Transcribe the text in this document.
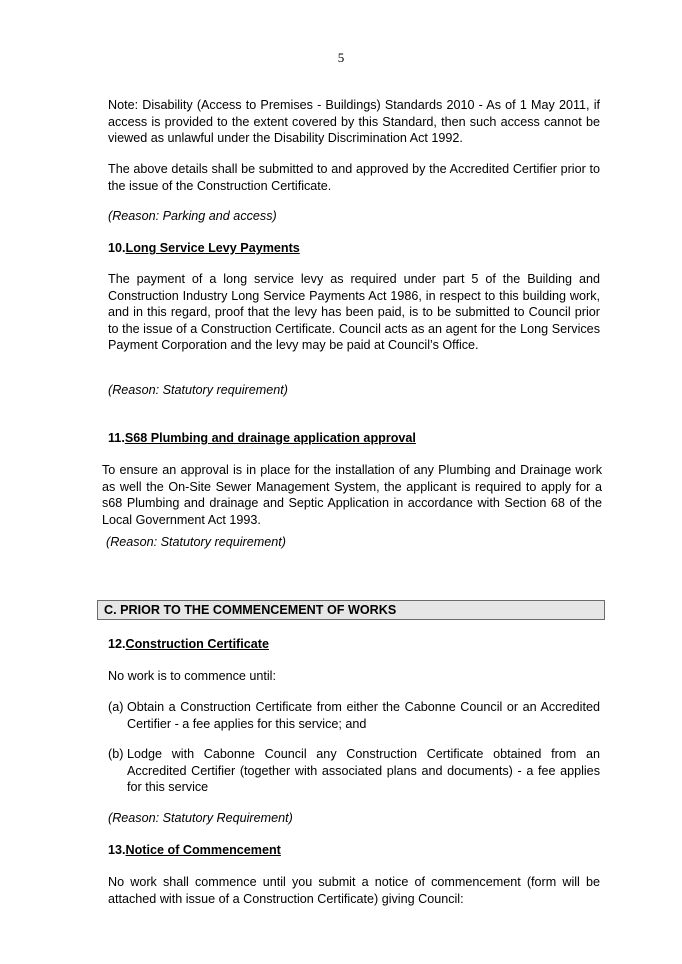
5
Note: Disability (Access to Premises - Buildings) Standards 2010 - As of 1 May 2011, if access is provided to the extent covered by this Standard, then such access cannot be viewed as unlawful under the Disability Discrimination Act 1992.
The above details shall be submitted to and approved by the Accredited Certifier prior to the issue of the Construction Certificate.
(Reason: Parking and access)
10.Long Service Levy Payments
The payment of a long service levy as required under part 5 of the Building and Construction Industry Long Service Payments Act 1986, in respect to this building work, and in this regard, proof that the levy has been paid, is to be submitted to Council prior to the issue of a Construction Certificate. Council acts as an agent for the Long Services Payment Corporation and the levy may be paid at Council’s Office.
(Reason: Statutory requirement)
11.S68 Plumbing and drainage application approval
To ensure an approval is in place for the installation of any Plumbing and Drainage work as well the On-Site Sewer Management System, the applicant is required to apply for a s68 Plumbing and drainage and Septic Application in accordance with Section 68 of the Local Government Act 1993.
(Reason: Statutory requirement)
C. PRIOR TO THE COMMENCEMENT OF WORKS
12.Construction Certificate
No work is to commence until:
(a) Obtain a Construction Certificate from either the Cabonne Council or an Accredited Certifier - a fee applies for this service; and
(b) Lodge with Cabonne Council any Construction Certificate obtained from an Accredited Certifier (together with associated plans and documents) - a fee applies for this service
(Reason: Statutory Requirement)
13.Notice of Commencement
No work shall commence until you submit a notice of commencement (form will be attached with issue of a Construction Certificate) giving Council:
